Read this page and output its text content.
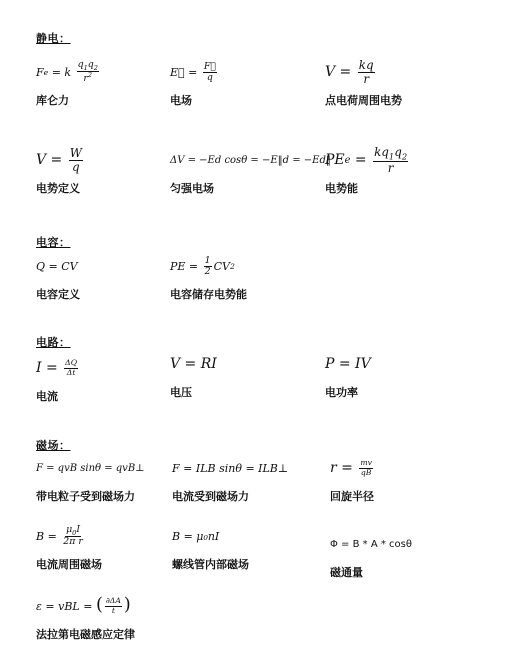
静电：
F e = k $\frac{q_1q_2}{r^2}$
库仑力
E⃗ = $\frac{F⃗}{q}$
电场
$V = \frac{kq}{r}$
点电荷周围电势
$V = \frac{W}{q}$
电势定义
ΔV = −Ed cosθ = −E‖d = −Ed‖
匀强电场
PE $e = \frac{kq_1q_2}{r}$
电势能
电容：
Q = CV
电容定义
PE = $\frac{1}{2}$ CV 2
电容储存电势能
电路：
$I = \frac{\Delta Q}{\Delta t}$
电流
V = RI
电压
P = IV
电功率
磁场：
F = qvB sinθ = qvB⊥
带电粒子受到磁场力
F = ILB sinθ = ILB⊥
电流受到磁场力
$r = \frac{mv}{qB}$
回旋半径
$B = \frac{\mu_0I}{\text{2π r}}$
电流周围磁场
B = μ₀nI
螺线管内部磁场
Φ = B * A * cosθ
磁通量
ε = vBL = ( $\frac{\partial\Delta A}{t}$ )
法拉第电磁感应定律
